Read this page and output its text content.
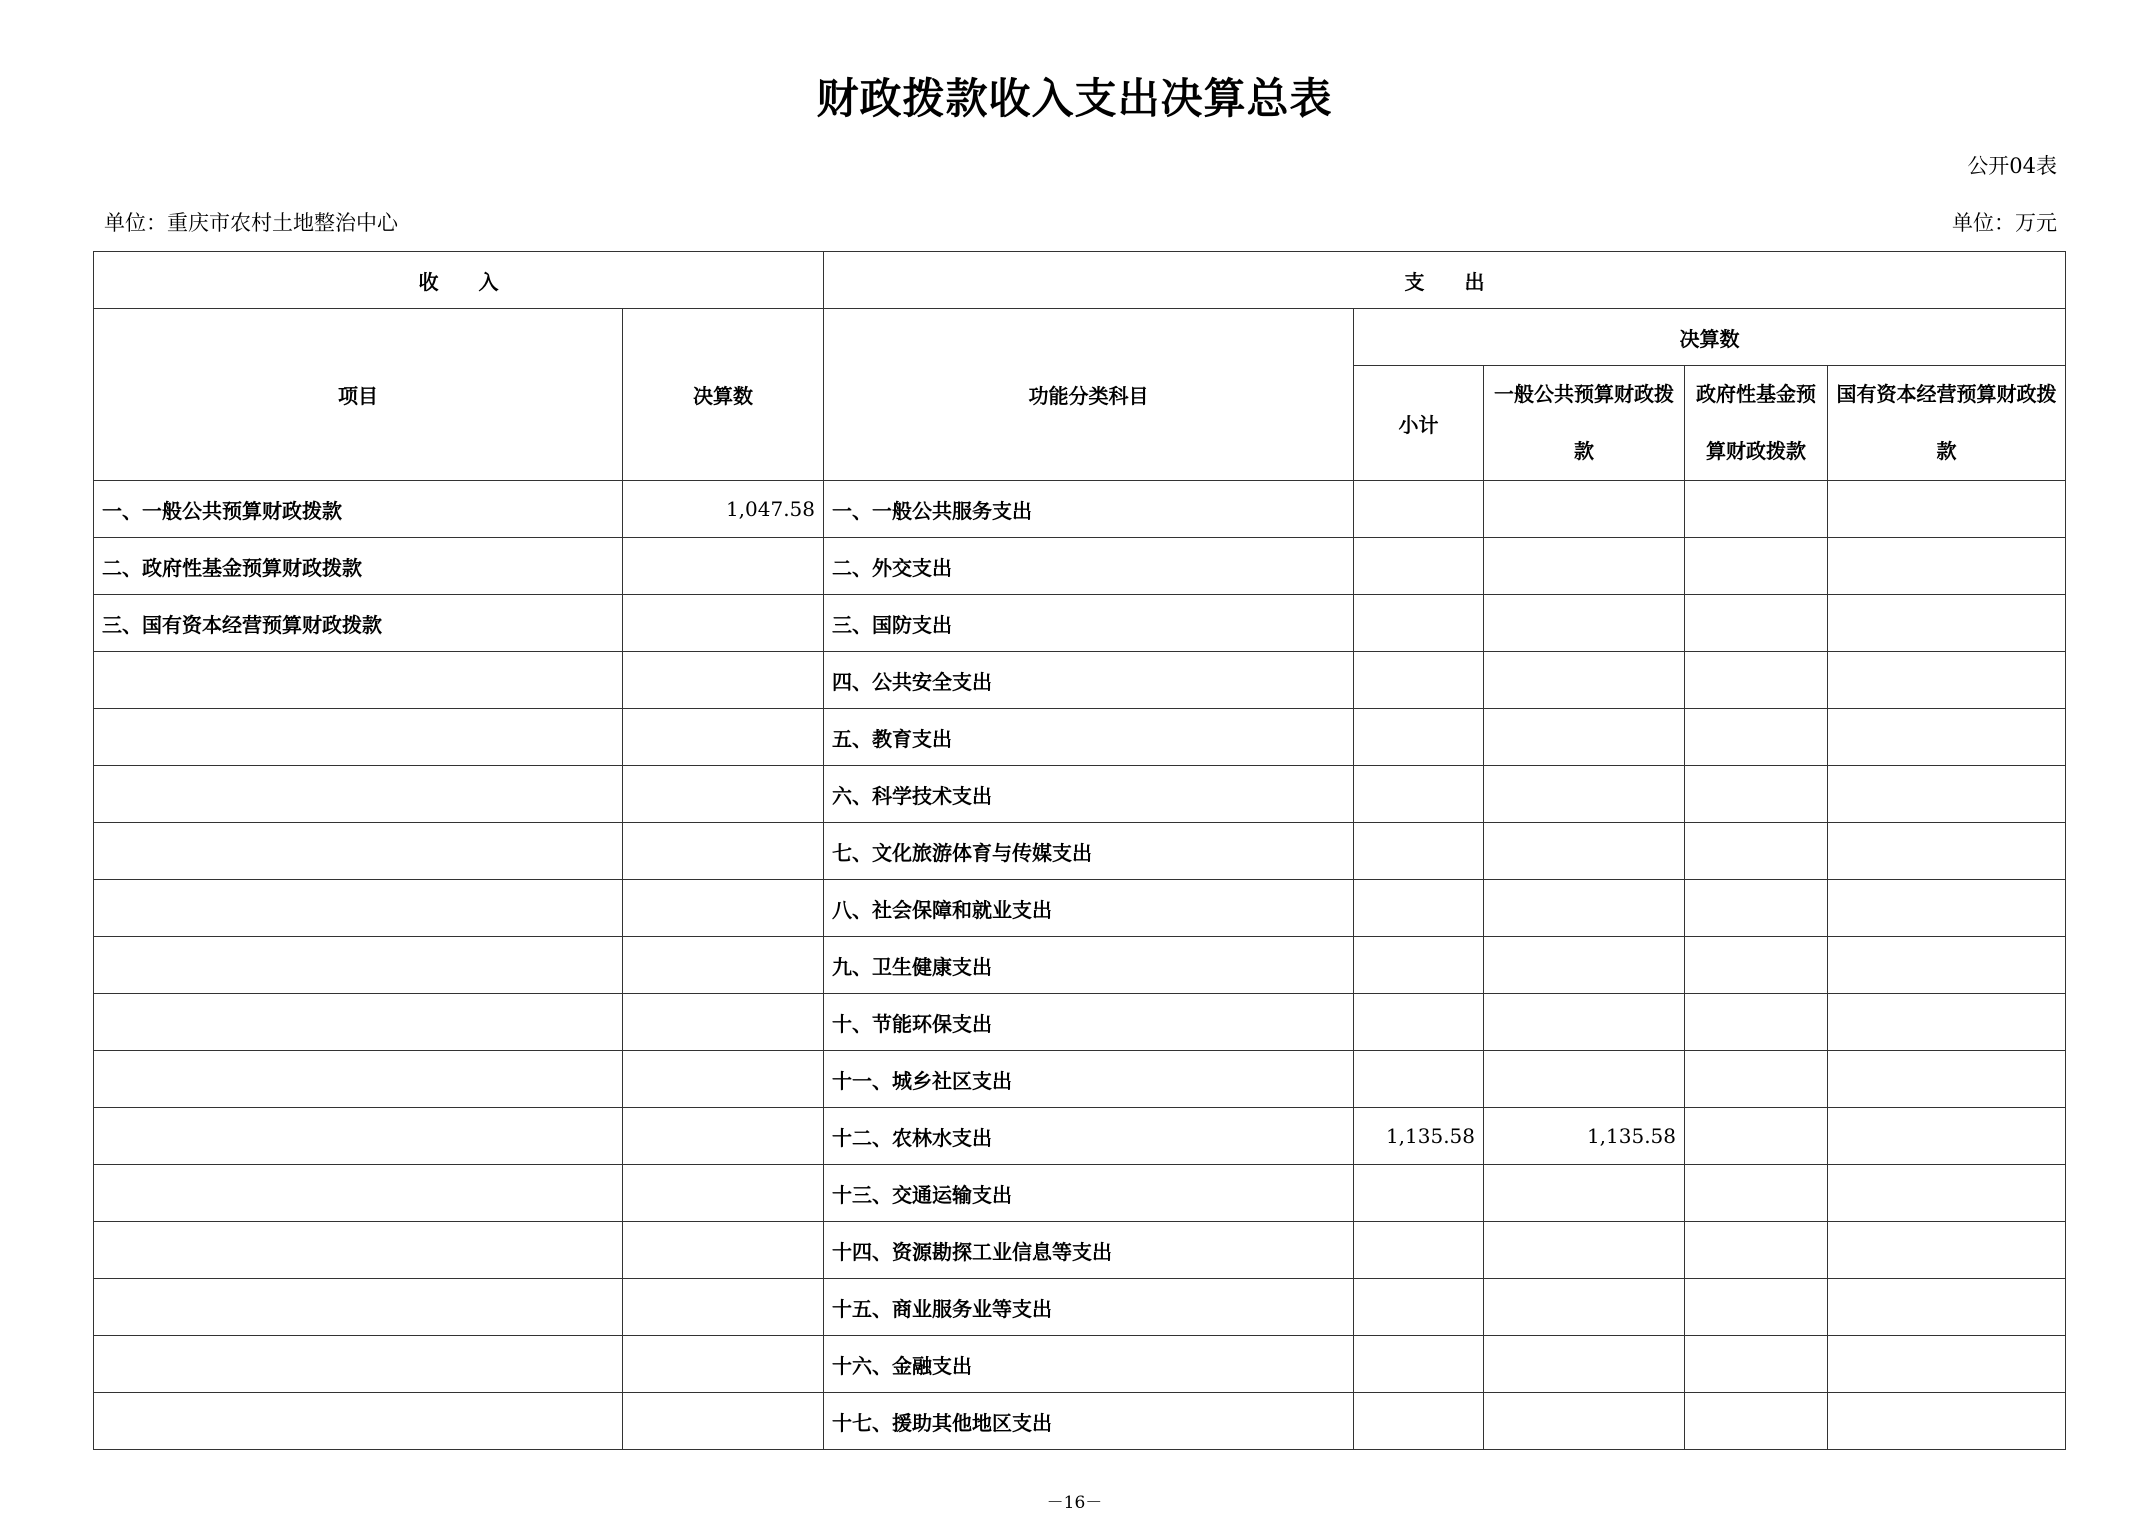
财政拨款收入支出决算总表
公开04表
单位：重庆市农村土地整治中心	单位：万元
收　　入		支　　出				
项目	决算数	功能分类科目	决算数			
			小计	一般公共预算财政拨款	政府性基金预算财政拨款	国有资本经营预算财政拨款
一、一般公共预算财政拨款	1,047.58	一、一般公共服务支出				
二、政府性基金预算财政拨款		二、外交支出				
三、国有资本经营预算财政拨款		三、国防支出				
		四、公共安全支出				
		五、教育支出				
		六、科学技术支出				
		七、文化旅游体育与传媒支出				
		八、社会保障和就业支出				
		九、卫生健康支出				
		十、节能环保支出				
		十一、城乡社区支出				
		十二、农林水支出	1,135.58	1,135.58		
		十三、交通运输支出				
		十四、资源勘探工业信息等支出				
		十五、商业服务业等支出				
		十六、金融支出				
		十七、援助其他地区支出				
－16－
